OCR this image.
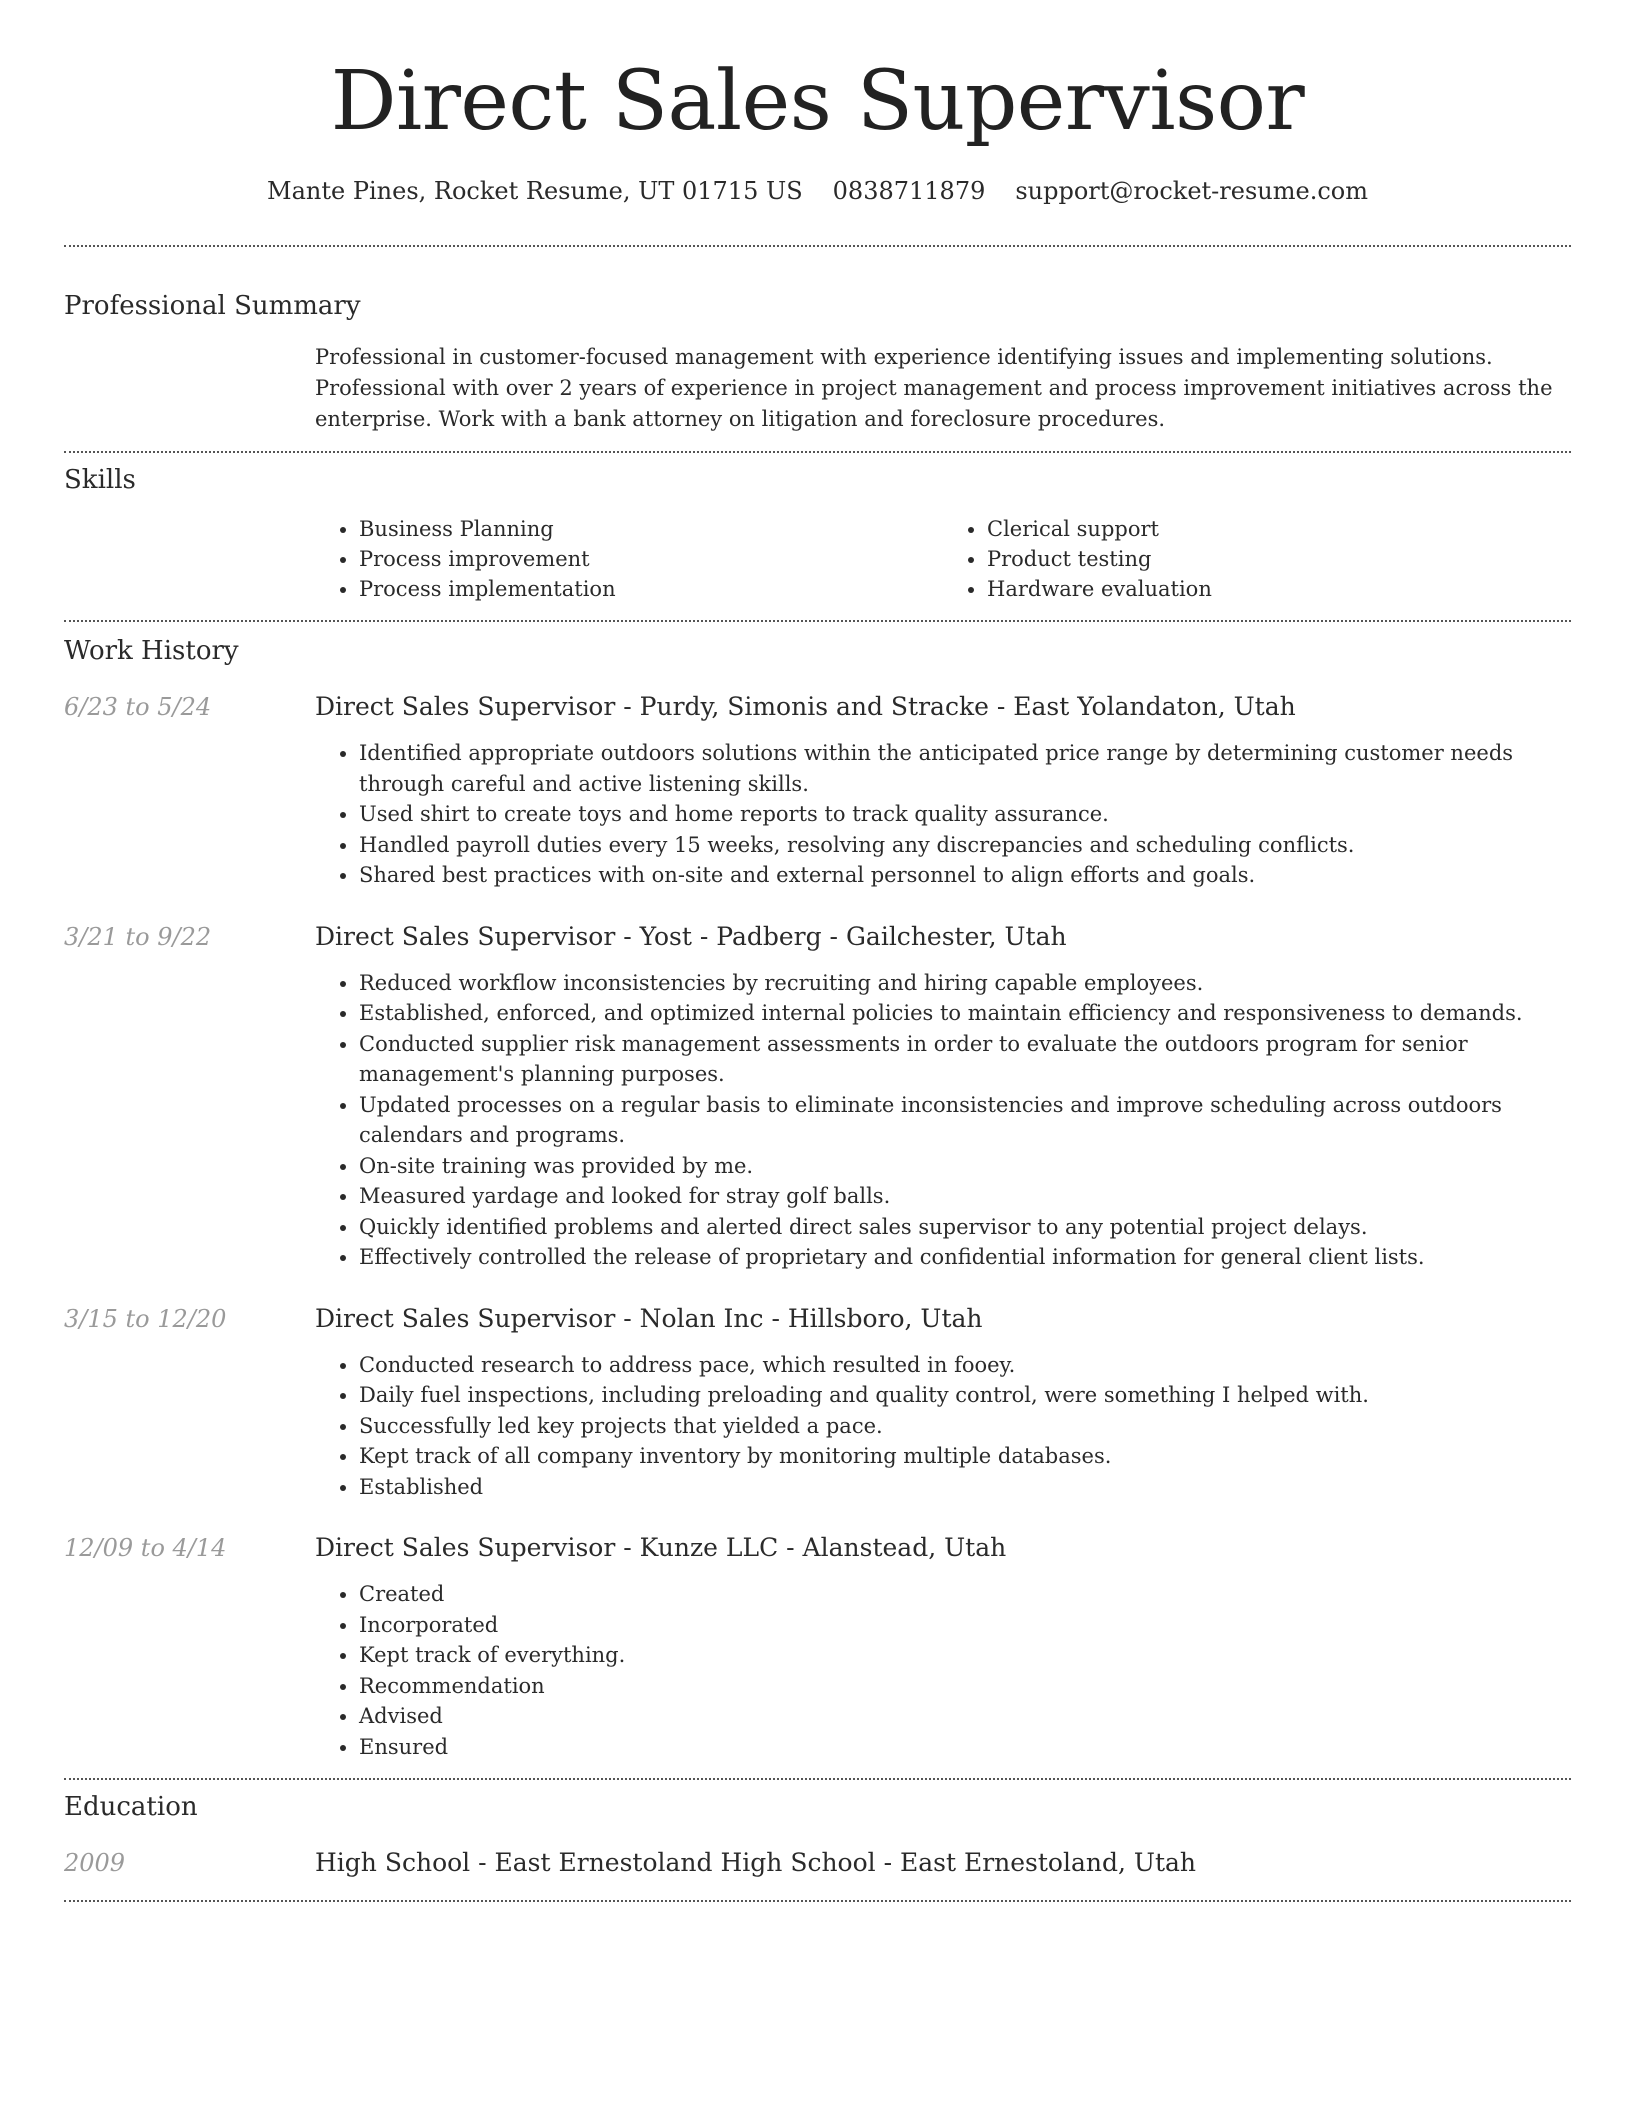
Direct Sales Supervisor
Mante Pines, Rocket Resume, UT 01715 US 0838711879 support@rocket-resume.com
Professional Summary

Professional in customer-focused management with experience identifying issues and implementing solutions. Professional with over 2 years of experience in project management and process improvement initiatives across the enterprise. Work with a bank attorney on litigation and foreclosure procedures.

Skills
• Business Planning
• Process improvement
• Process implementation
• Clerical support
• Product testing
• Hardware evaluation
Work History
6/23 to 5/24	Direct Sales Supervisor - Purdy, Simonis and Stracke - East Yolandaton, Utah
• Identified appropriate outdoors solutions within the anticipated price range by determining customer needs through careful and active listening skills.
• Used shirt to create toys and home reports to track quality assurance.
• Handled payroll duties every 15 weeks, resolving any discrepancies and scheduling conflicts.
• Shared best practices with on-site and external personnel to align efforts and goals.
3/21 to 9/22	Direct Sales Supervisor - Yost - Padberg - Gailchester, Utah
• Reduced workflow inconsistencies by recruiting and hiring capable employees.
• Established, enforced, and optimized internal policies to maintain efficiency and responsiveness to demands.
• Conducted supplier risk management assessments in order to evaluate the outdoors program for senior management's planning purposes.
• Updated processes on a regular basis to eliminate inconsistencies and improve scheduling across outdoors calendars and programs.
• On-site training was provided by me.
• Measured yardage and looked for stray golf balls.
• Quickly identified problems and alerted direct sales supervisor to any potential project delays.
• Effectively controlled the release of proprietary and confidential information for general client lists.
3/15 to 12/20	Direct Sales Supervisor - Nolan Inc - Hillsboro, Utah
• Conducted research to address pace, which resulted in fooey.
• Daily fuel inspections, including preloading and quality control, were something I helped with.
• Successfully led key projects that yielded a pace.
• Kept track of all company inventory by monitoring multiple databases.
• Established
12/09 to 4/14	Direct Sales Supervisor - Kunze LLC - Alanstead, Utah
• Created
• Incorporated
• Kept track of everything.
• Recommendation
• Advised
• Ensured
Education
2009	High School - East Ernestoland High School - East Ernestoland, Utah
